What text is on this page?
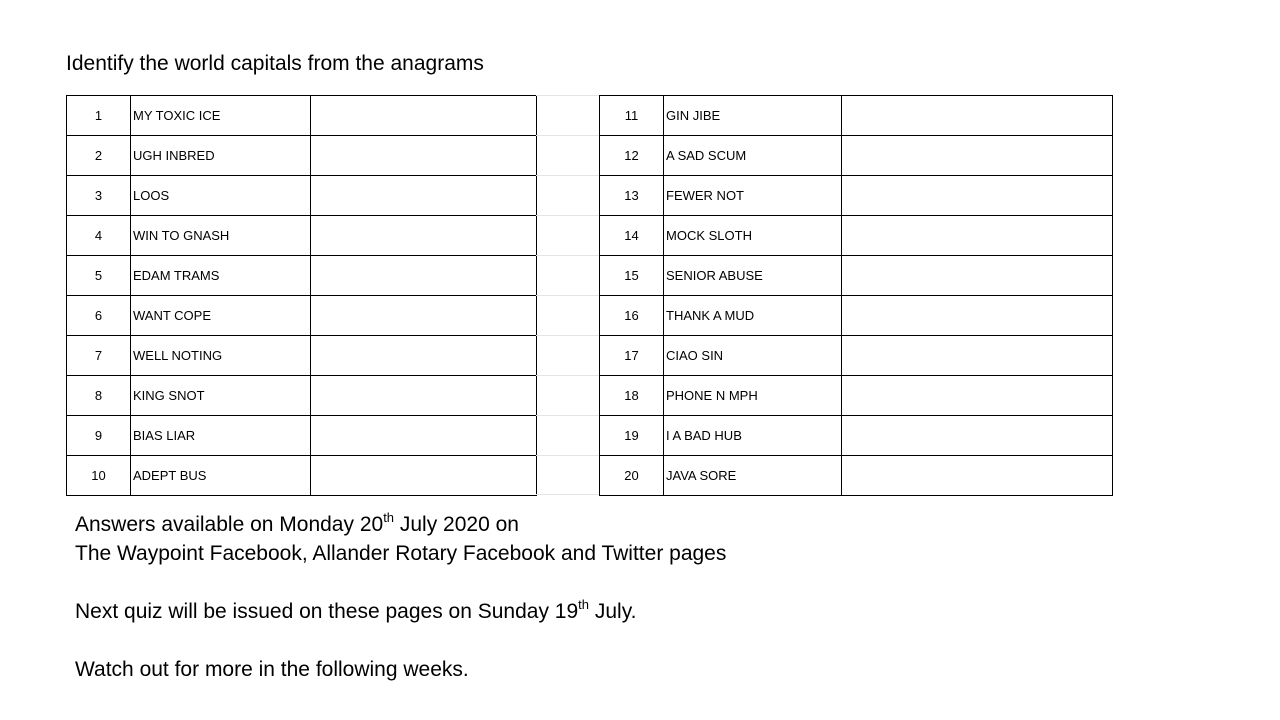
Identify the world capitals from the anagrams
1	MY TOXIC ICE	
2	UGH INBRED	
3	LOOS	
4	WIN TO GNASH	
5	EDAM TRAMS	
6	WANT COPE	
7	WELL NOTING	
8	KING SNOT	
9	BIAS LIAR	
10	ADEPT BUS	
11	GIN JIBE	
12	A SAD SCUM	
13	FEWER NOT	
14	MOCK SLOTH	
15	SENIOR ABUSE	
16	THANK A MUD	
17	CIAO SIN	
18	PHONE N MPH	
19	I A BAD HUB	
20	JAVA SORE	

Answers available on Monday 20th July 2020 on

The Waypoint Facebook, Allander Rotary Facebook and Twitter pages

Next quiz will be issued on these pages on Sunday 19th July.

Watch out for more in the following weeks.
